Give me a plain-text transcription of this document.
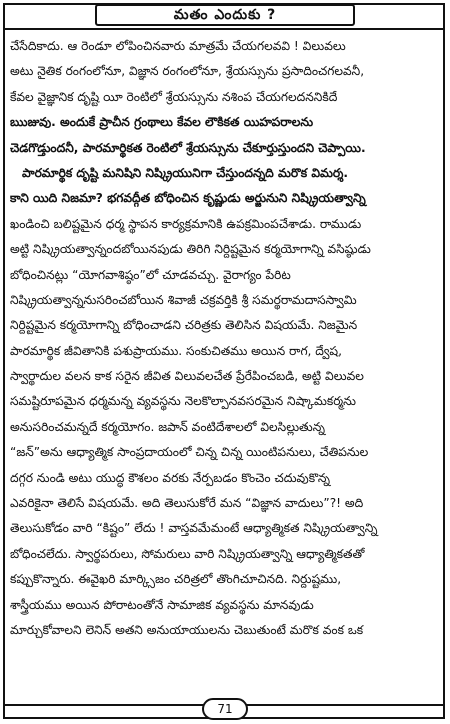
మతం ఎందుకు ?
చేసేదికాదు. ఆ రెండూ లోపించినవారు మాత్రమే చేయగలవవి ! విలువలు
అటు నైతిక రంగంలోనూ, విజ్ఞాన రంగంలోనూ, శ్రేయస్సును ప్రసాదించగలవనీ,
కేవల వైజ్ఞానిక దృష్టి యీ రెంటిలో శ్రేయస్సును నశింప చేయగలదననికిదే
ఋజువు. అందుకే ప్రాచీన గ్రంథాలు కేవల లౌకికత యిహపరాలను
చెడగొడ్తుందనీ, పారమార్థికత రెంటిలో శ్రేయస్సును చేకూర్తుస్తుందని చెప్పాయి.
పారమార్థిక దృష్టి మనిషిని నిష్క్రియునిగా చేస్తుందన్నది మరొక విమర్శ.
కాని యిది నిజమా? భగవద్గీత బోధించిన కృష్ణుడు అర్జునుని నిష్క్రియత్వాన్ని
ఖండించి బలిష్టమైన ధర్మ స్థాపన కార్యక్రమానికి ఉపక్రమింపచేశాడు. రాముడు
అట్టి నిష్క్రియత్వాన్నందబోయినపుడు తిరిగి నిర్దిష్టమైన కర్మయోగాన్ని వసిష్ఠుడు
బోధించినట్లు “యోగవాశిష్ఠం”లో చూడవచ్చు. వైరాగ్యం పేరిట
నిష్క్రియత్వాన్ననుసరించబోయిన శివాజీ చక్రవర్తికి శ్రీ సమర్థరామదాసస్వామి
నిర్దిష్టమైన కర్మయోగాన్ని బోధించాడని చరిత్రకు తెలిసిన విషయమే. నిజమైన
పారమార్థిక జీవితానికి పశుప్రాయము. సంకుచితము అయిన రాగ, ద్వేష,
స్వార్థాదుల వలన కాక సరైన జీవిత విలువలచేత ప్రేరేపించబడి, అట్టి విలువల
సమష్టిరూపమైన ధర్మమన్న వ్యవస్థను నెలకొల్పానవసరమైన నిష్కామకర్మను
అనుసరించమన్నదే కర్మయోగం. జపాన్ వంటిదేశాలలో విలసిల్లుతున్న
“జన్”అను ఆధ్యాత్మిక సాంప్రదాయంలో చిన్న చిన్న యింటిపనులు, చేతిపనుల
దగ్గర నుండి అటు యుద్ధ కౌశలం వరకు నేర్పబడం కొంచెం చదువుకొన్న
ఎవరికైనా తెలిసే విషయమే. అది తెలుసుకోరే మన “విజ్ఞాన వాదులు”?! అది
తెలుసుకోడం వారి “కిష్టం” లేదు ! వాస్తవమేమంటే ఆధ్యాత్మికత నిష్క్రియత్వాన్ని
బోధించలేదు. స్వార్థపరులు, సోమరులు వారి నిష్క్రియత్వాన్ని ఆధ్యాత్మికతతో
కప్పుకొన్నారు. ఈవైఖరి మార్క్సిజం చరిత్రలో తొంగిచూచినది. నిర్దుష్టము,
శాస్త్రీయము అయిన పోరాటంతోనే సామాజిక వ్యవస్థను మానవుడు
మార్చుకోవాలని లెనిన్ అతని అనుయాయులను చెబుతుంటే మరొక వంక ఒక
71
